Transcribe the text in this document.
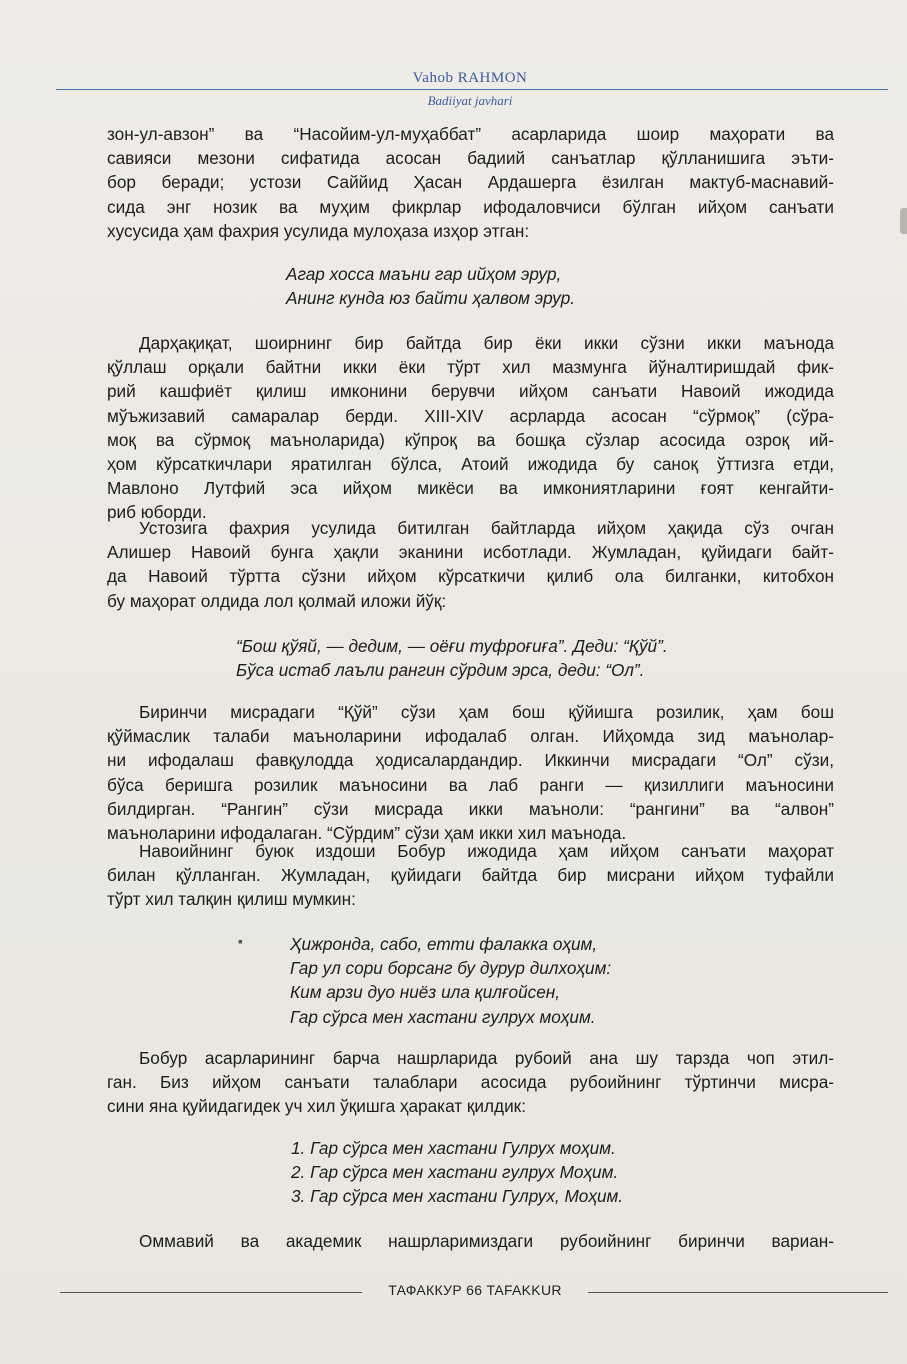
Vahob RAHMON
Badiiyat javhari
зон-ул-авзон” ва “Насойим-ул-муҳаббат” асарларида шоир маҳорати ва
савияси мезони сифатида асосан бадиий санъатлар қўлланишига эъти-
бор беради; устози Саййид Ҳасан Ардашерга ёзилган мактуб-маснавий-
сида энг нозик ва муҳим фикрлар ифодаловчиси бўлган ийҳом санъати
хусусида ҳам фахрия усулида мулоҳаза изҳор этган:
Агар хосса маъни гар ийҳом эрур,
Анинг кунда юз байти ҳалвом эрур.
Дарҳақиқат, шоирнинг бир байтда бир ёки икки сўзни икки маънода
қўллаш орқали байтни икки ёки тўрт хил мазмунга йўналтиришдай фик-
рий кашфиёт қилиш имконини берувчи ийҳом санъати Навоий ижодида
мўъжизавий самаралар берди. XIII-XIV асрларда асосан “сўрмоқ” (сўра-
моқ ва сўрмоқ маъноларида) кўпроқ ва бошқа сўзлар асосида озроқ ий-
ҳом кўрсаткичлари яратилган бўлса, Атоий ижодида бу саноқ ўттизга етди,
Мавлоно Лутфий эса ийҳом микёси ва имкониятларини ғоят кенгайти-
риб юборди.
Устозига фахрия усулида битилган байтларда ийҳом ҳақида сўз очган
Алишер Навоий бунга ҳақли эканини исботлади. Жумладан, қуйидаги байт-
да Навоий тўртта сўзни ийҳом кўрсаткичи қилиб ола билганки, китобхон
бу маҳорат олдида лол қолмай иложи йўқ:
“Бош қўяй, — дедим, — оёғи туфроғиға”. Деди: “Қўй”.
Бўса истаб лаъли рангин сўрдим эрса, деди: “Ол”.
Биринчи мисрадаги “Қўй” сўзи ҳам бош қўйишга розилик, ҳам бош
қўймаслик талаби маъноларини ифодалаб олган. Ийҳомда зид маънолар-
ни ифодалаш фавқулодда ҳодисалардандир. Иккинчи мисрадаги “Ол” сўзи,
бўса беришга розилик маъносини ва лаб ранги — қизиллиги маъносини
билдирган. “Рангин” сўзи мисрада икки маъноли: “рангини” ва “алвон”
маъноларини ифодалаган. “Сўрдим” сўзи ҳам икки хил маънода.
Навоийнинг буюк издоши Бобур ижодида ҳам ийҳом санъати маҳорат
билан қўлланган. Жумладан, қуйидаги байтда бир мисрани ийҳом туфайли
тўрт хил талқин қилиш мумкин:
Ҳижронда, сабо, етти фалакка оҳим,
Гар ул сори борсанг бу дурур дилхоҳим:
Ким арзи дуо ниёз ила қилғойсен,
Гар сўрса мен хастани гулрух моҳим.
Бобур асарларининг барча нашрларида рубоий ана шу тарзда чоп этил-
ган. Биз ийҳом санъати талаблари асосида рубоийнинг тўртинчи мисра-
сини яна қуйидагидек уч хил ўқишга ҳаракат қилдик:
1. Гар сўрса мен хастани Гулрух моҳим.
2. Гар сўрса мен хастани гулрух Моҳим.
3. Гар сўрса мен хастани Гулрух, Моҳим.
Оммавий ва академик нашрларимиздаги рубоийнинг биринчи вариан-
▪
ТАФАККУР 66 TAFAKKUR
